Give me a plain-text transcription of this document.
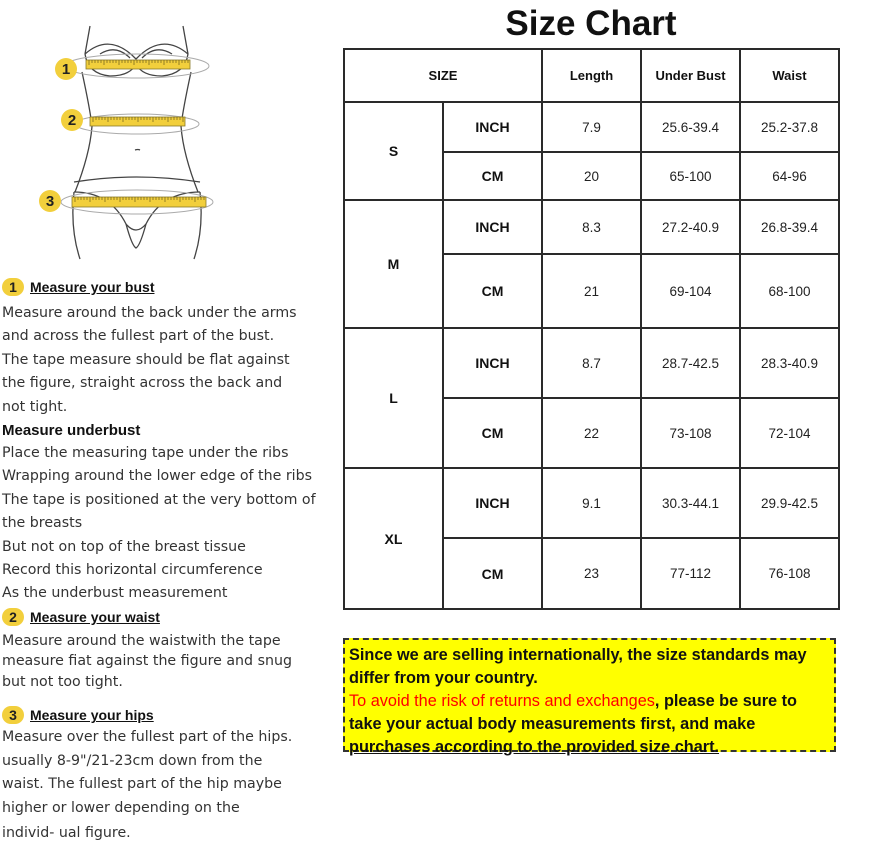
1
2
3
1 Measure your bust
Measure around the back under the arms
and across the fullest part of the bust.
The tape measure should be flat against
the figure, straight across the back and
not tight.
Measure underbust
Place the measuring tape under the ribs
Wrapping around the lower edge of the ribs
The tape is positioned at the very bottom of
the breasts
But not on top of the breast tissue
Record this horizontal circumference
As the underbust measurement
2 Measure your waist
Measure around the waistwith the tape
measure fiat against the figure and snug
but not too tight.
3 Measure your hips
Measure over the fullest part of the hips.
usually 8-9"/21-23cm down from the
waist. The fullest part of the hip maybe
higher or lower depending on the
individ- ual figure.
Size Chart
SIZE		Length	Under Bust	Waist
S	INCH	7.9	25.6-39.4	25.2-37.8
	CM	20	65-100	64-96
M	INCH	8.3	27.2-40.9	26.8-39.4
	CM	21	69-104	68-100
L	INCH	8.7	28.7-42.5	28.3-40.9
	CM	22	73-108	72-104
XL	INCH	9.1	30.3-44.1	29.9-42.5
	CM	23	77-112	76-108
Since we are selling internationally, the size standards may differ from your country.
To avoid the risk of returns and exchanges, please be sure to take your actual body measurements first, and make purchases according to the provided size chart.
